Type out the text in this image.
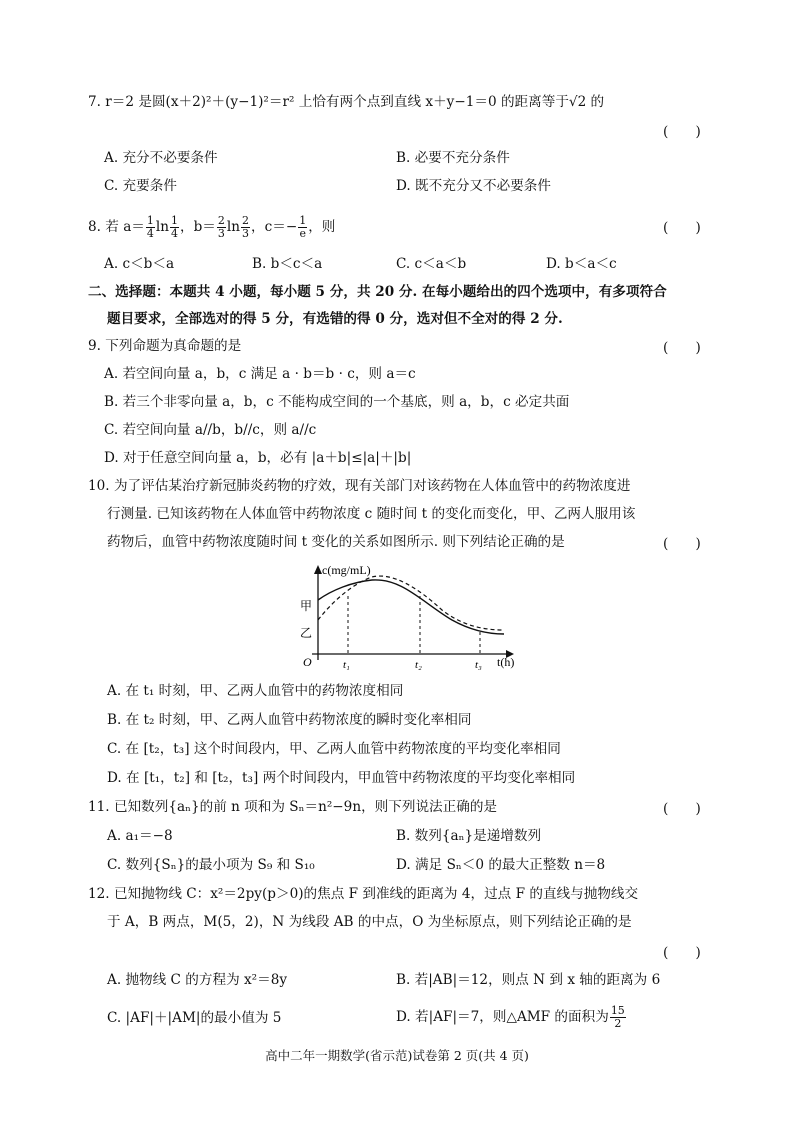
7. r＝2 是圆(x＋2)²＋(y−1)²＝r² 上恰有两个点到直线 x＋y−1＝0 的距离等于√2 的
(　　)
A. 充分不必要条件	B. 必要不充分条件
C. 充要条件	D. 既不充分又不必要条件
8. 若 $a= \frac{1}{4}$ $\ln \frac{1}{4}$ ，$b= \frac{2}{3}$ $\ln \frac{2}{3}$ ，$c=- \frac{1}{e}$ ，则	(　　)
A. c＜b＜a	B. b＜c＜a	C. c＜a＜b	D. b＜a＜c
二、选择题：本题共 4 小题，每小题 5 分，共 20 分. 在每小题给出的四个选项中，有多项符合
题目要求，全部选对的得 5 分，有选错的得 0 分，选对但不全对的得 2 分.
9. 下列命题为真命题的是	(　　)
A. 若空间向量 a，b，c 满足 a · b＝b · c，则 a＝c
B. 若三个非零向量 a，b，c 不能构成空间的一个基底，则 a，b，c 必定共面
C. 若空间向量 a//b，b//c，则 a//c
D. 对于任意空间向量 a，b，必有 |a＋b|≤|a|＋|b|
10. 为了评估某治疗新冠肺炎药物的疗效，现有关部门对该药物在人体血管中的药物浓度进
行测量. 已知该药物在人体血管中药物浓度 c 随时间 t 的变化而变化，甲、乙两人服用该
药物后，血管中药物浓度随时间 t 变化的关系如图所示. 则下列结论正确的是	(　　)
c(mg/mL)
t(h)
O
甲
乙
t₁	t₂	t₃
A. 在 t₁ 时刻，甲、乙两人血管中的药物浓度相同
B. 在 t₂ 时刻，甲、乙两人血管中药物浓度的瞬时变化率相同
C. 在 [t₂，t₃] 这个时间段内，甲、乙两人血管中药物浓度的平均变化率相同
D. 在 [t₁，t₂] 和 [t₂，t₃] 两个时间段内，甲血管中药物浓度的平均变化率相同
11. 已知数列{aₙ}的前 n 项和为 Sₙ＝n²−9n，则下列说法正确的是	(　　)
A. a₁＝−8	B. 数列{aₙ}是递增数列
C. 数列{Sₙ}的最小项为 S₉ 和 S₁₀	D. 满足 Sₙ＜0 的最大正整数 n＝8
12. 已知抛物线 C：x²＝2py(p＞0)的焦点 F 到准线的距离为 4，过点 F 的直线与抛物线交
于 A，B 两点，M(5，2)，N 为线段 AB 的中点，O 为坐标原点，则下列结论正确的是
(　　)
A. 抛物线 C 的方程为 x²＝8y	B. 若|AB|＝12，则点 N 到 x 轴的距离为 6
C. |AF|＋|AM|的最小值为 5	D. 若|AF|＝7，则△AMF 的面积为 $\frac{15}{2}$
高中二年一期数学(省示范)试卷第 2 页(共 4 页)
